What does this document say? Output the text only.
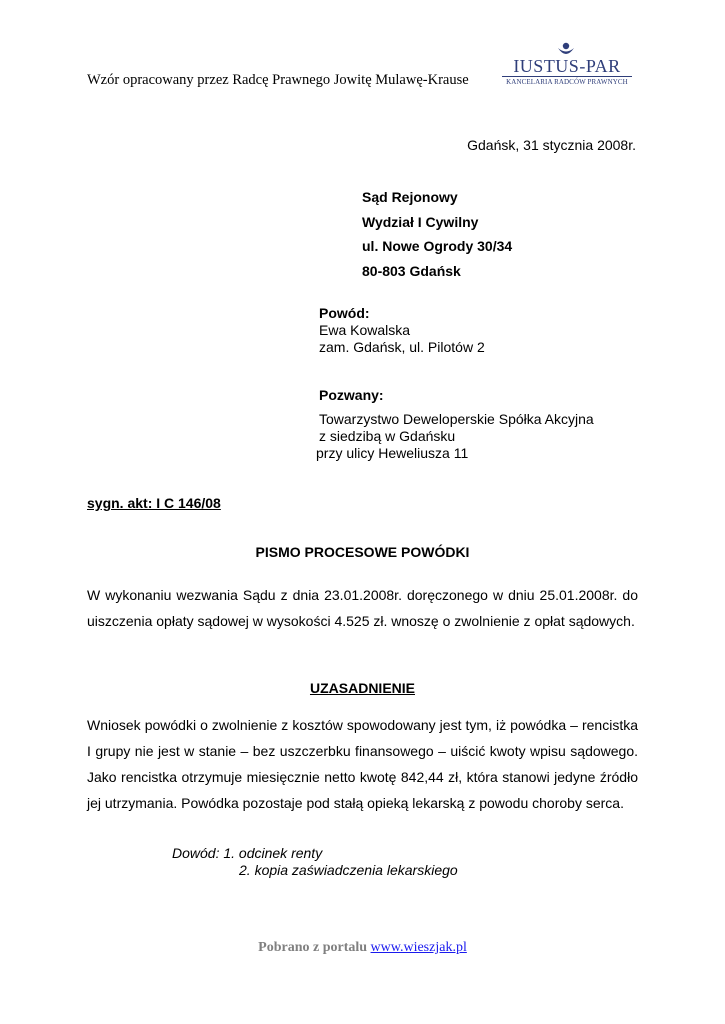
Wzór opracowany przez Radcę Prawnego Jowitę Mulawę-Krause
IUSTUS-PAR
KANCELARIA RADCÓW PRAWNYCH
Gdańsk, 31 stycznia 2008r.
Sąd Rejonowy
Wydział I Cywilny
ul. Nowe Ogrody 30/34
80-803 Gdańsk
Powód:
Ewa Kowalska
zam. Gdańsk, ul. Pilotów 2
Pozwany:
Towarzystwo Deweloperskie Spółka Akcyjna
z siedzibą w Gdańsku
przy ulicy Heweliusza 11
sygn. akt: I C 146/08
PISMO PROCESOWE POWÓDKI
W wykonaniu wezwania Sądu z dnia 23.01.2008r. doręczonego w dniu 25.01.2008r. do uiszczenia opłaty sądowej w wysokości 4.525 zł. wnoszę o zwolnienie z opłat sądowych.
UZASADNIENIE
Wniosek powódki o zwolnienie z kosztów spowodowany jest tym, iż powódka – rencistka I grupy nie jest w stanie – bez uszczerbku finansowego – uiścić kwoty wpisu sądowego. Jako rencistka otrzymuje miesięcznie netto kwotę 842,44 zł, która stanowi jedyne źródło jej utrzymania. Powódka pozostaje pod stałą opieką lekarską z powodu choroby serca.
Dowód: 1. odcinek renty
2. kopia zaświadczenia lekarskiego
Pobrano z portalu www.wieszjak.pl
